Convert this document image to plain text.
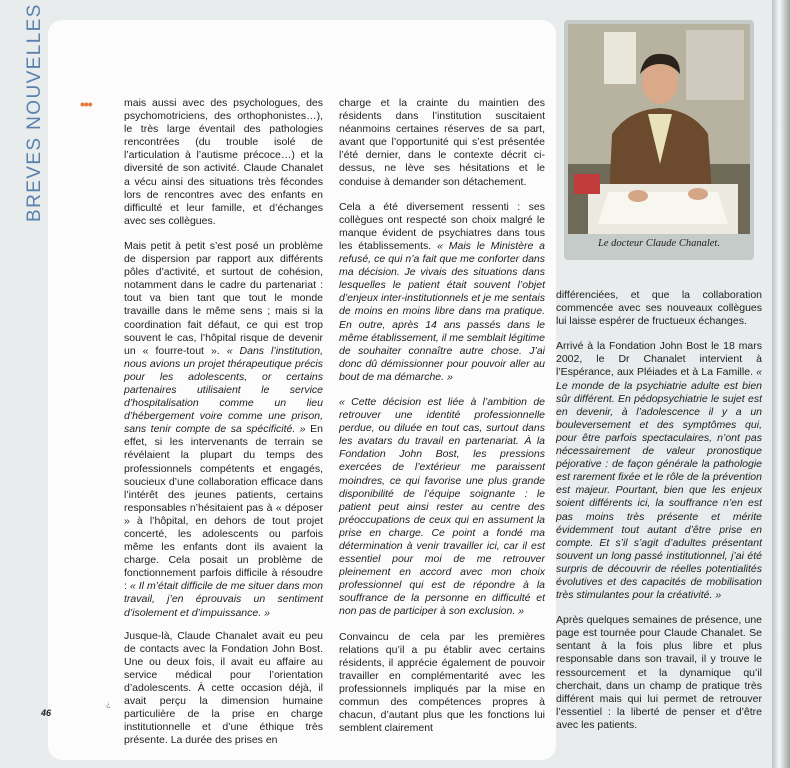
BREVES NOUVELLES	•••	mais aussi avec des psychologues, des psychomotriciens, des orthophonistes…), le très large éventail des pathologies rencontrées (du trouble isolé de l’articulation à l’autisme précoce…) et la diversité de son activité. Claude Chanalet a vécu ainsi des situations très fécondes lors de rencontres avec des enfants en difficulté et leur famille, et d’échanges avec ses collègues.

Mais petit à petit s’est posé un problème de dispersion par rapport aux différents pôles d’activité, et surtout de cohésion, notamment dans le cadre du partenariat : tout va bien tant que tout le monde travaille dans le même sens ; mais si la coordination fait défaut, ce qui est trop souvent le cas, l’hôpital risque de devenir un « fourre-tout ». « Dans l’institution, nous avions un projet thérapeutique précis pour les adolescents, or certains partenaires utilisaient le service d’hospitalisation comme un lieu d’hébergement voire comme une prison, sans tenir compte de sa spécificité. » En effet, si les intervenants de terrain se révélaient la plupart du temps des professionnels compétents et engagés, soucieux d’une collaboration efficace dans l’intérêt des jeunes patients, certains responsables n’hésitaient pas à « déposer » à l’hôpital, en dehors de tout projet concerté, les adolescents ou parfois même les enfants dont ils avaient la charge. Cela posait un problème de fonctionnement parfois difficile à résoudre : « Il m’était difficile de me situer dans mon travail, j’en éprouvais un sentiment d’isolement et d’impuissance. »

Jusque-là, Claude Chanalet avait eu peu de contacts avec la Fondation John Bost. Une ou deux fois, il avait eu affaire au service médical pour l’orientation d’adolescents. À cette occasion déjà, il avait perçu la dimension humaine particulière de la prise en charge institutionnelle et d’une éthique très présente. La durée des prises en

charge et la crainte du maintien des résidents dans l’institution suscitaient néanmoins certaines réserves de sa part, avant que l’opportunité qui s’est présentée l’été dernier, dans le contexte décrit ci-dessus, ne lève ses hésitations et le conduise à demander son détachement.

Cela a été diversement ressenti : ses collègues ont respecté son choix malgré le manque évident de psychiatres dans tous les établissements. « Mais le Ministère a refusé, ce qui n’a fait que me conforter dans ma décision. Je vivais des situations dans lesquelles le patient était souvent l’objet d’enjeux inter-institutionnels et je me sentais de moins en moins libre dans ma pratique. En outre, après 14 ans passés dans le même établissement, il me semblait légitime de souhaiter connaître autre chose. J’ai donc dû démissionner pour pouvoir aller au bout de ma démarche. »

« Cette décision est liée à l’ambition de retrouver une identité professionnelle perdue, ou diluée en tout cas, surtout dans les avatars du travail en partenariat. À la Fondation John Bost, les pressions exercées de l’extérieur me paraissent moindres, ce qui favorise une plus grande disponibilité de l’équipe soignante : le patient peut ainsi rester au centre des préoccupations de ceux qui en assument la prise en charge. Ce point a fondé ma détermination à venir travailler ici, car il est essentiel pour moi de me retrouver pleinement en accord avec mon choix professionnel qui est de répondre à la souffrance de la personne en difficulté et non pas de participer à son exclusion. »

Convaincu de cela par les premières relations qu’il a pu établir avec certains résidents, il apprécie également de pouvoir travailler en complémentarité avec les professionnels impliqués par la mise en commun des compétences propres à chacun, d’autant plus que les fonctions lui semblent clairement

Le docteur Claude Chanalet.

différenciées, et que la collaboration commencée avec ses nouveaux collègues lui laisse espérer de fructueux échanges.

Arrivé à la Fondation John Bost le 18 mars 2002, le Dr Chanalet intervient à l’Espérance, aux Pléiades et à La Famille. « Le monde de la psychiatrie adulte est bien sûr différent. En pédopsychiatrie le sujet est en devenir, à l’adolescence il y a un bouleversement et des symptômes qui, pour être parfois spectaculaires, n’ont pas nécessairement de valeur pronostique péjorative : de façon générale la pathologie est rarement fixée et le rôle de la prévention est majeur. Pourtant, bien que les enjeux soient différents ici, la souffrance n’en est pas moins très présente et mérite évidemment tout autant d’être prise en compte. Et s’il s’agit d’adultes présentant souvent un long passé institutionnel, j’ai été surpris de découvrir de réelles potentialités évolutives et des capacités de mobilisation très stimulantes pour la créativité. »

Après quelques semaines de présence, une page est tournée pour Claude Chanalet. Se sentant à la fois plus libre et plus responsable dans son travail, il y trouve le ressourcement et la dynamique qu’il cherchait, dans un champ de pratique très différent mais qui lui permet de retrouver l’essentiel : la liberté de penser et d’être avec les patients.

46
¿
